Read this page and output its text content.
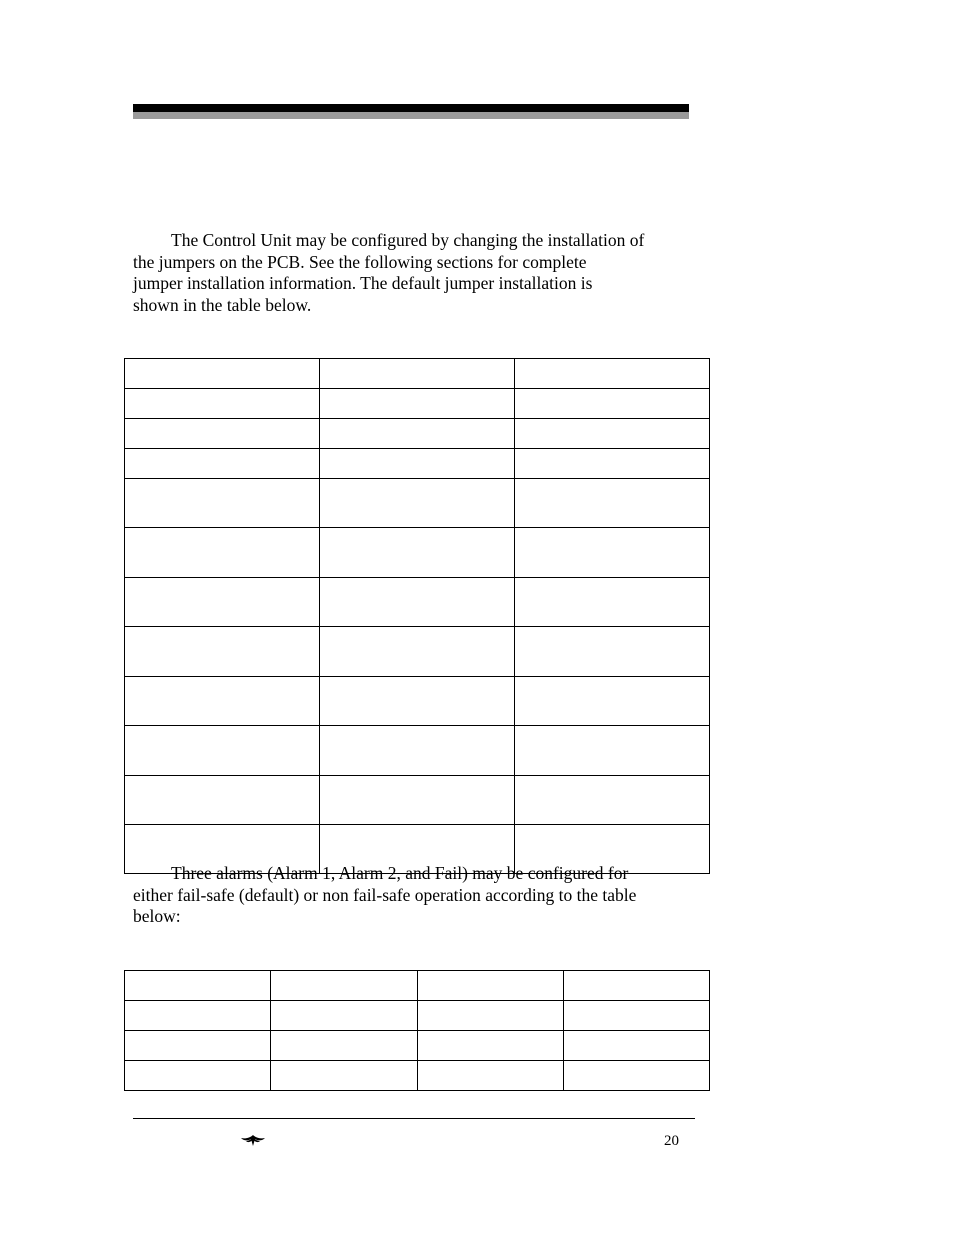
The Control Unit may be configured by changing the installation of
the jumpers on the PCB. See the following sections for complete
jumper installation information. The default jumper installation is
shown in the table below.

Three alarms (Alarm 1, Alarm 2, and Fail) may be configured for
either fail-safe (default) or non fail-safe operation according to the table
below:

20
